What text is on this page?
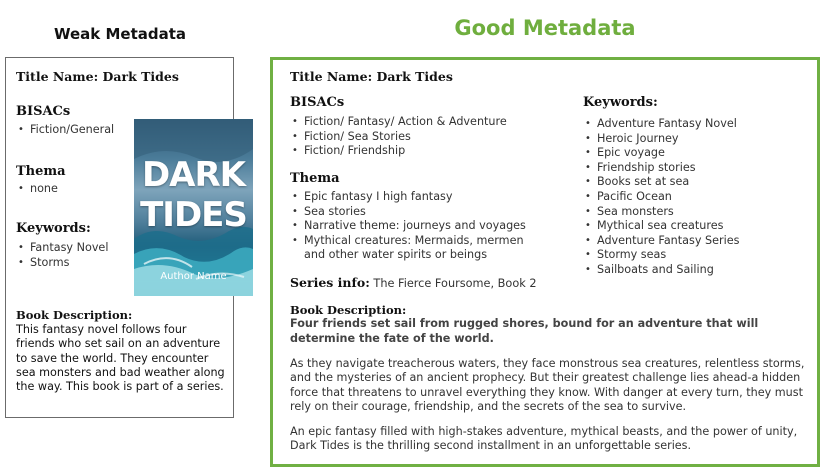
Weak Metadata	Good Metadata
Title Name: Dark Tides
BISACs
• Fiction/General
Thema
• none
Keywords:
• Fantasy Novel
• Storms
Book Description:
This fantasy novel follows four friends who set sail on an adventure to save the world. They encounter sea monsters and bad weather along the way. This book is part of a series.
DARK
TIDES
Author Name
Title Name: Dark Tides
BISACs
• Fiction/ Fantasy/ Action & Adventure
• Fiction/ Sea Stories
• Fiction/ Friendship
Thema
• Epic fantasy I high fantasy
• Sea stories
• Narrative theme: journeys and voyages
• Mythical creatures: Mermaids, mermen and other water spirits or beings
Series info: The Fierce Foursome, Book 2
Keywords:
• Adventure Fantasy Novel
• Heroic Journey
• Epic voyage
• Friendship stories
• Books set at sea
• Pacific Ocean
• Sea monsters
• Mythical sea creatures
• Adventure Fantasy Series
• Stormy seas
• Sailboats and Sailing
Book Description:
Four friends set sail from rugged shores, bound for an adventure that will determine the fate of the world.
As they navigate treacherous waters, they face monstrous sea creatures, relentless storms, and the mysteries of an ancient prophecy. But their greatest challenge lies ahead-a hidden force that threatens to unravel everything they know. With danger at every turn, they must rely on their courage, friendship, and the secrets of the sea to survive.
An epic fantasy filled with high-stakes adventure, mythical beasts, and the power of unity, Dark Tides is the thrilling second installment in an unforgettable series.
